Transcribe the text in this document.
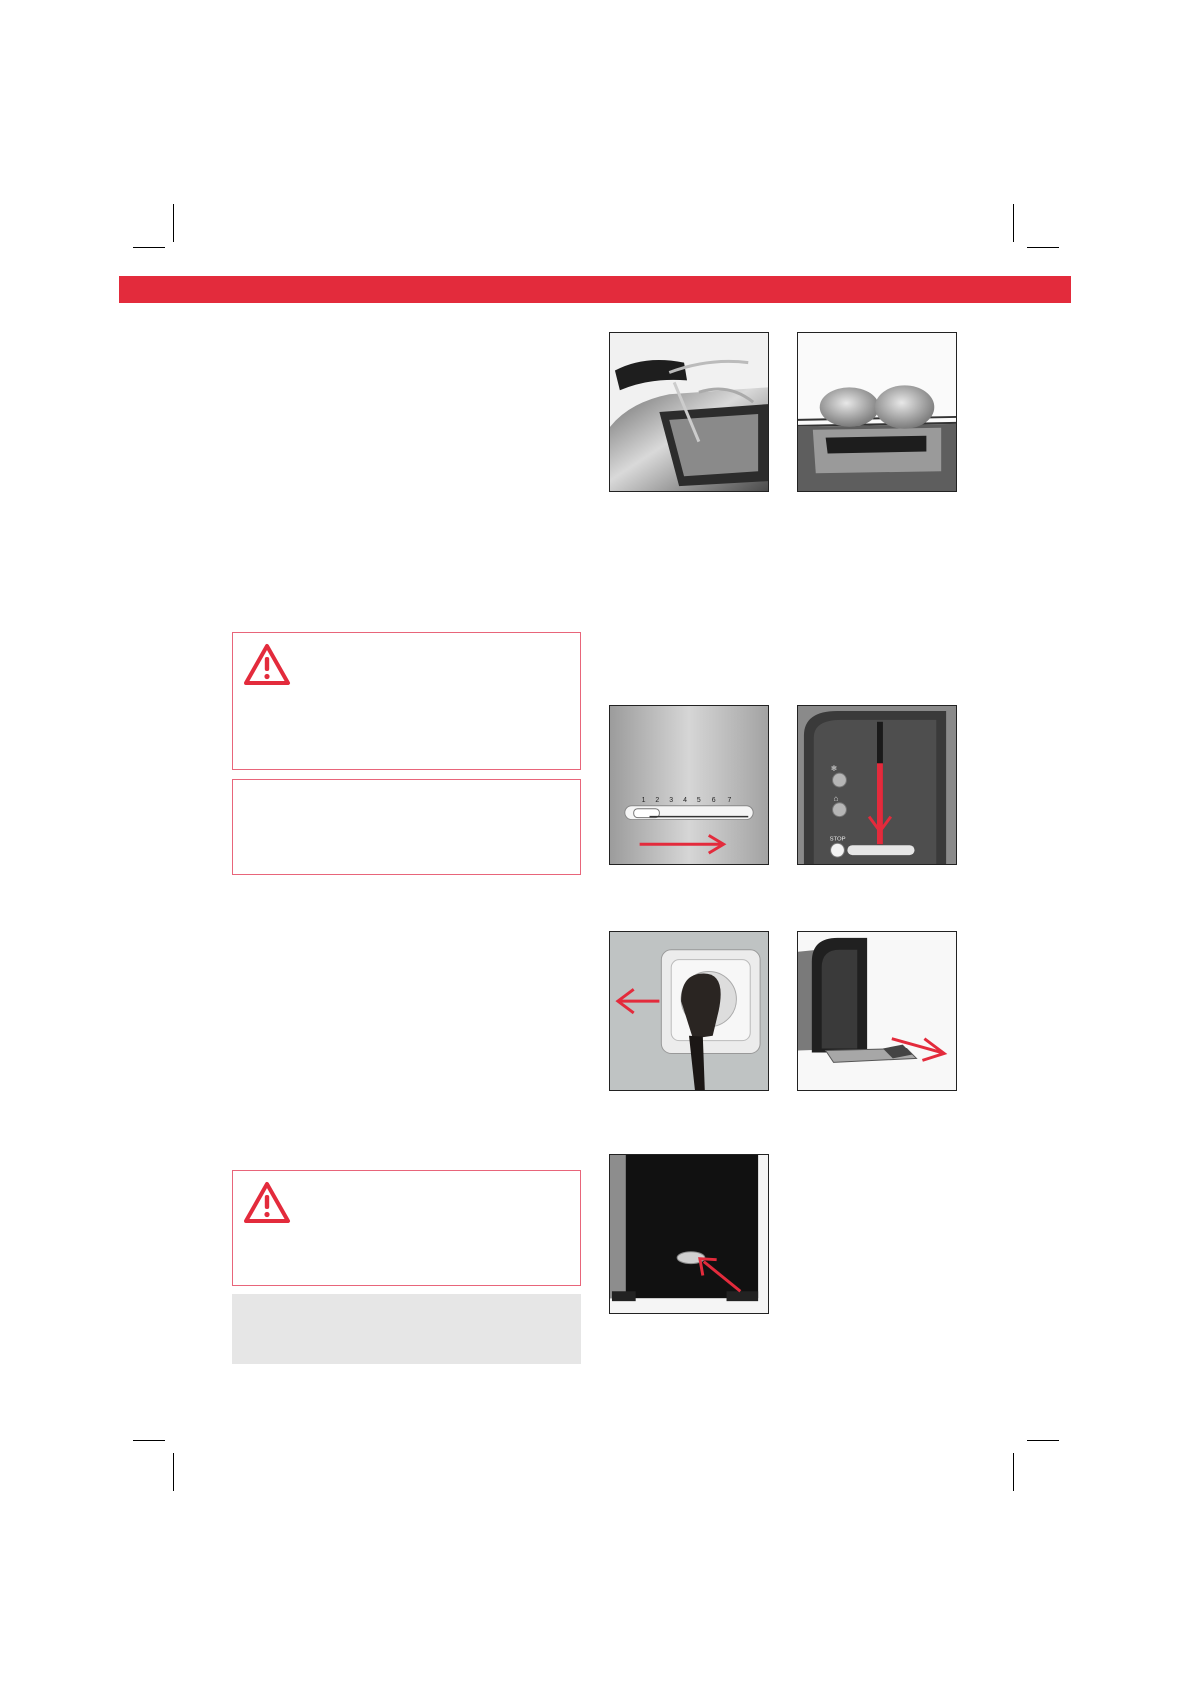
1 2 3 4 5 6 7
❄
⌂
STOP
